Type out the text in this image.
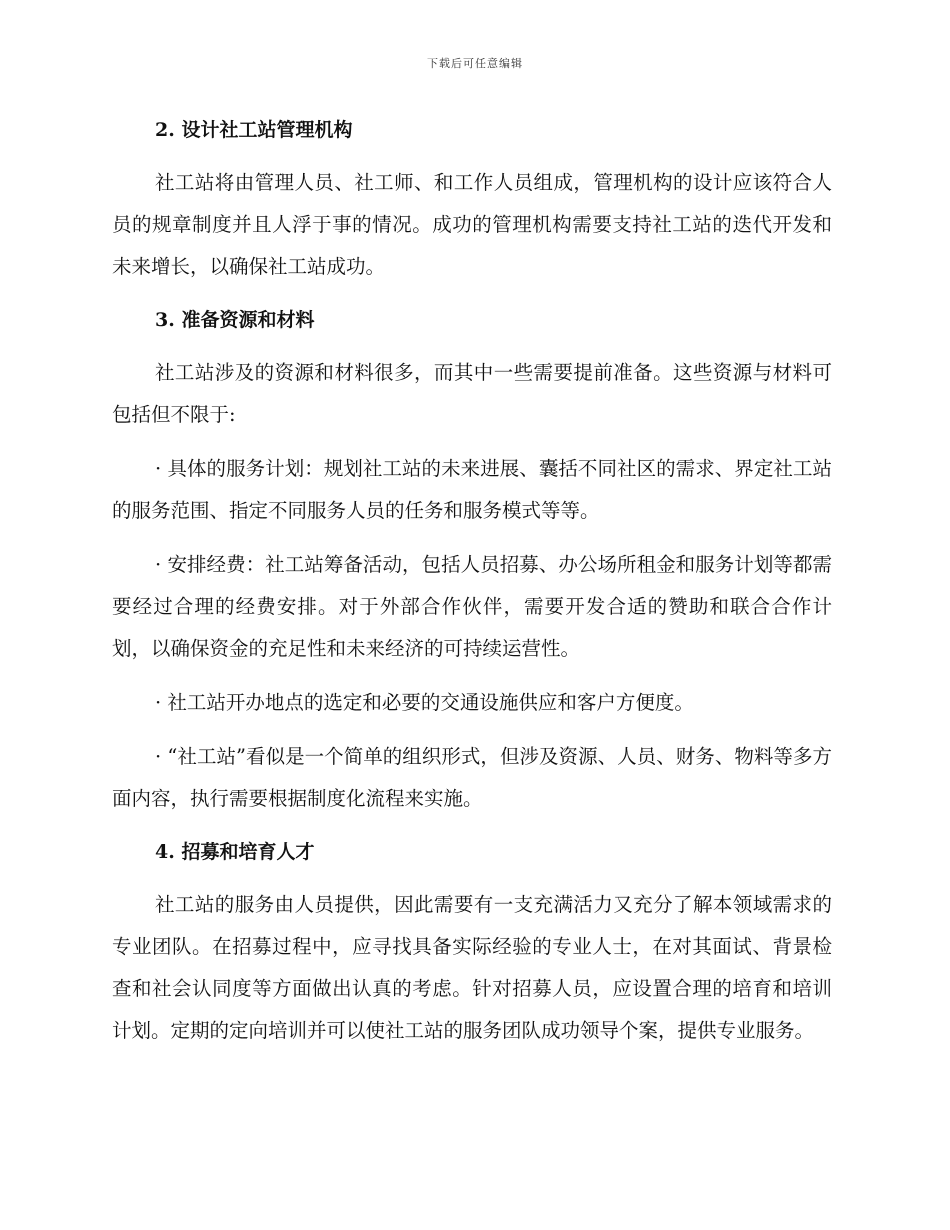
下载后可任意编辑
2. 设计社工站管理机构

社工站将由管理人员、社工师、和工作人员组成，管理机构的设计应该符合人员的规章制度并且人浮于事的情况。成功的管理机构需要支持社工站的迭代开发和未来增长，以确保社工站成功。

3. 准备资源和材料

社工站涉及的资源和材料很多，而其中一些需要提前准备。这些资源与材料可包括但不限于:

· 具体的服务计划：规划社工站的未来进展、囊括不同社区的需求、界定社工站的服务范围、指定不同服务人员的任务和服务模式等等。

· 安排经费：社工站筹备活动，包括人员招募、办公场所租金和服务计划等都需要经过合理的经费安排。对于外部合作伙伴，需要开发合适的赞助和联合合作计划，以确保资金的充足性和未来经济的可持续运营性。

· 社工站开办地点的选定和必要的交通设施供应和客户方便度。

· “社工站”看似是一个简单的组织形式，但涉及资源、人员、财务、物料等多方面内容，执行需要根据制度化流程来实施。

4. 招募和培育人才

社工站的服务由人员提供，因此需要有一支充满活力又充分了解本领域需求的专业团队。在招募过程中，应寻找具备实际经验的专业人士，在对其面试、背景检查和社会认同度等方面做出认真的考虑。针对招募人员，应设置合理的培育和培训计划。定期的定向培训并可以使社工站的服务团队成功领导个案，提供专业服务。
